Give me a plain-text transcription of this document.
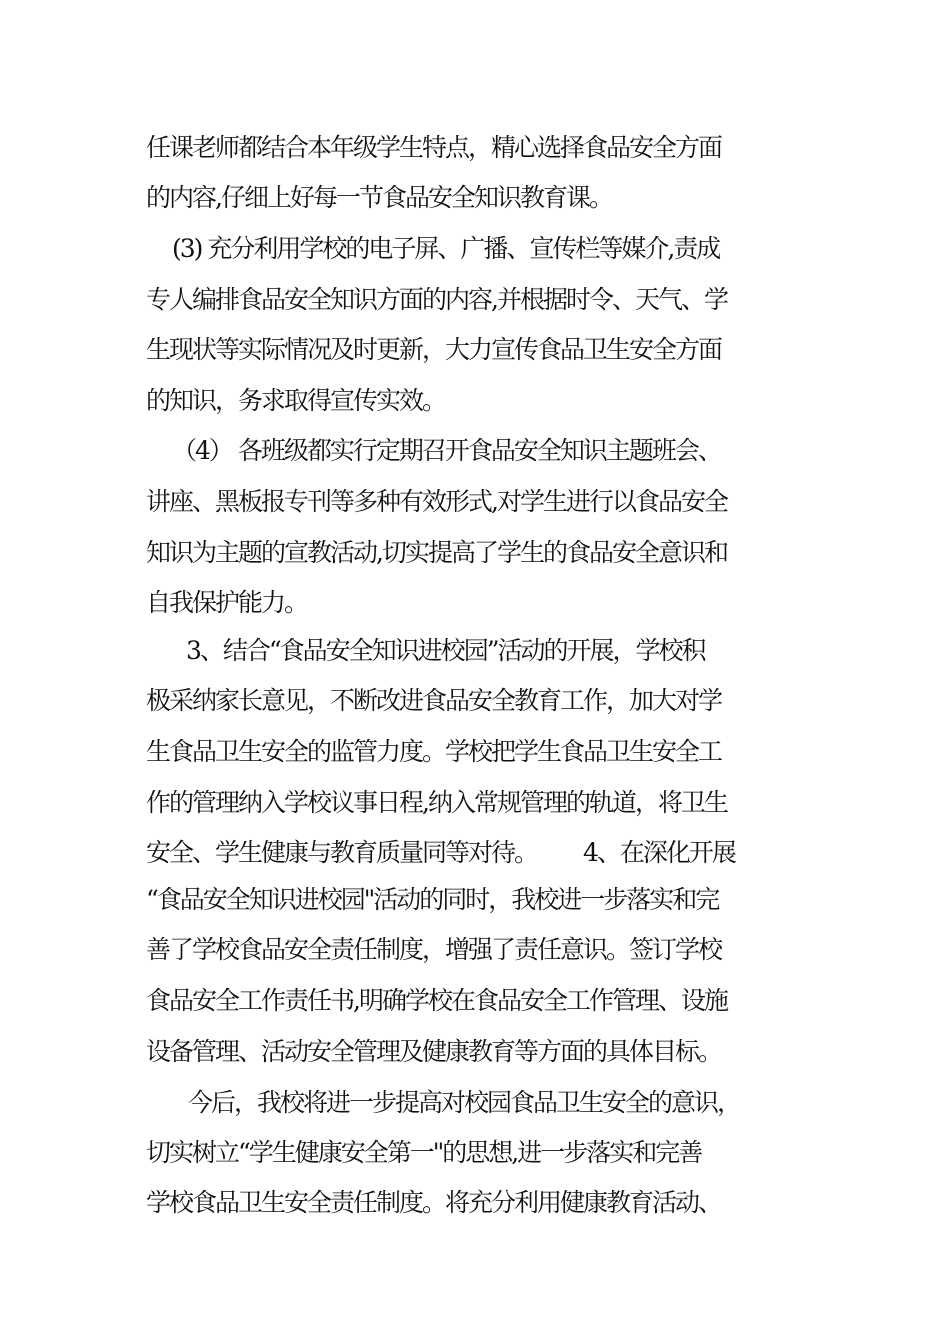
任课老师都结合本年级学生特点，精心选择食品安全方面
的内容,仔细上好每一节食品安全知识教育课。
(3) 充分利用学校的电子屏、广播、宣传栏等媒介,责成
专人编排食品安全知识方面的内容,并根据时令、天气、学
生现状等实际情况及时更新，大力宣传食品卫生安全方面
的知识，务求取得宣传实效。
（4） 各班级都实行定期召开食品安全知识主题班会、
讲座、黑板报专刊等多种有效形式,对学生进行以食品安全
知识为主题的宣教活动,切实提高了学生的食品安全意识和
自我保护能力。
3、结合“食品安全知识进校园”活动的开展，学校积
极采纳家长意见，不断改进食品安全教育工作，加大对学
生食品卫生安全的监管力度。学校把学生食品卫生安全工
作的管理纳入学校议事日程,纳入常规管理的轨道，将卫生
安全、学生健康与教育质量同等对待。 4、在深化开展
“食品安全知识进校园"活动的同时，我校进一步落实和完
善了学校食品安全责任制度，增强了责任意识。签订学校
食品安全工作责任书,明确学校在食品安全工作管理、设施
设备管理、活动安全管理及健康教育等方面的具体目标。
今后，我校将进一步提高对校园食品卫生安全的意识，
切实树立“学生健康安全第一"的思想,进一步落实和完善
学校食品卫生安全责任制度。将充分利用健康教育活动、
